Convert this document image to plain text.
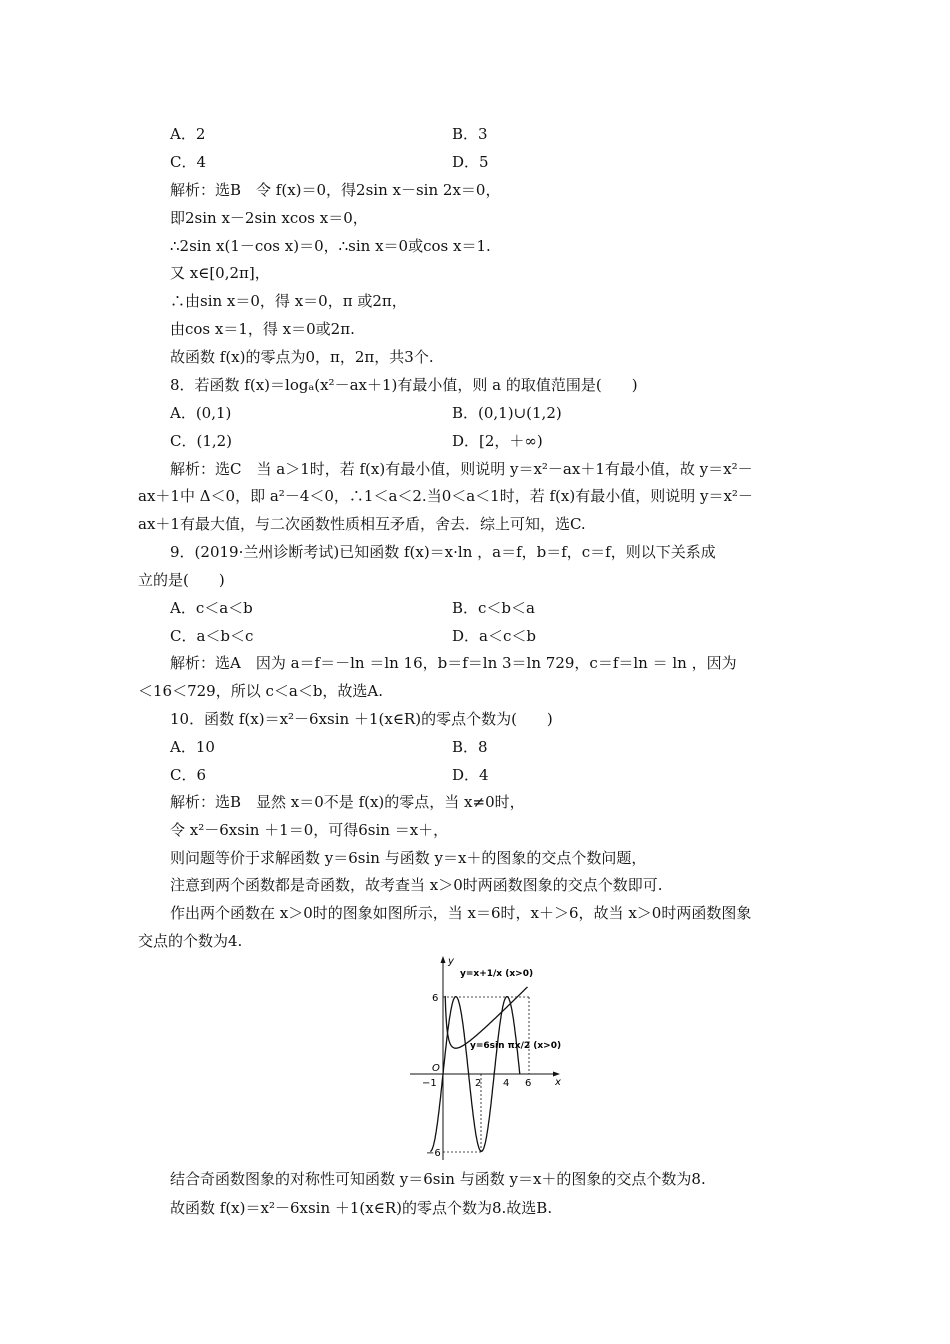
A．2	B．3
C．4	D．5
解析：选B　令 f(x)＝0，得2sin x－sin 2x＝0，
即2sin x－2sin xcos x＝0，
∴2sin x(1－cos x)＝0，∴sin x＝0或cos x＝1.
又 x∈[0,2π]，
∴由sin x＝0，得 x＝0，π 或2π，
由cos x＝1，得 x＝0或2π.
故函数 f(x)的零点为0，π，2π，共3个.
8．若函数 f(x)＝logₐ(x²－ax＋1)有最小值，则 a 的取值范围是(　　)
A．(0,1)	B．(0,1)∪(1,2)
C．(1,2)	D．[2，＋∞)
解析：选C　当 a＞1时，若 f(x)有最小值，则说明 y＝x²－ax＋1有最小值，故 y＝x²－
ax＋1中 Δ＜0，即 a²－4＜0，∴1＜a＜2.当0＜a＜1时，若 f(x)有最小值，则说明 y＝x²－
ax＋1有最大值，与二次函数性质相互矛盾，舍去．综上可知，选C.
9．(2019·兰州诊断考试)已知函数 f(x)＝x·ln ，a＝f，b＝f，c＝f，则以下关系成
立的是(　　)
A．c＜a＜b	B．c＜b＜a
C．a＜b＜c	D．a＜c＜b
解析：选A　因为 a＝f＝－ln ＝ln 16，b＝f＝ln 3＝ln 729，c＝f＝ln ＝ ln ，因为
＜16＜729，所以 c＜a＜b，故选A.
10．函数 f(x)＝x²－6xsin ＋1(x∈R)的零点个数为(　　)
A．10	B．8
C．6	D．4
解析：选B　显然 x＝0不是 f(x)的零点，当 x≠0时，
令 x²－6xsin ＋1＝0，可得6sin ＝x＋，
则问题等价于求解函数 y＝6sin 与函数 y＝x＋的图象的交点个数问题，
注意到两个函数都是奇函数，故考查当 x＞0时两函数图象的交点个数即可.
作出两个函数在 x＞0时的图象如图所示，当 x＝6时，x＋＞6，故当 x＞0时两函数图象
交点的个数为4.
y
x
O
6
−6
−1	2 4 6
y=x+1/x (x>0)
y=6sin πx/2 (x>0)
结合奇函数图象的对称性可知函数 y＝6sin 与函数 y＝x＋的图象的交点个数为8.
故函数 f(x)＝x²－6xsin ＋1(x∈R)的零点个数为8.故选B.
